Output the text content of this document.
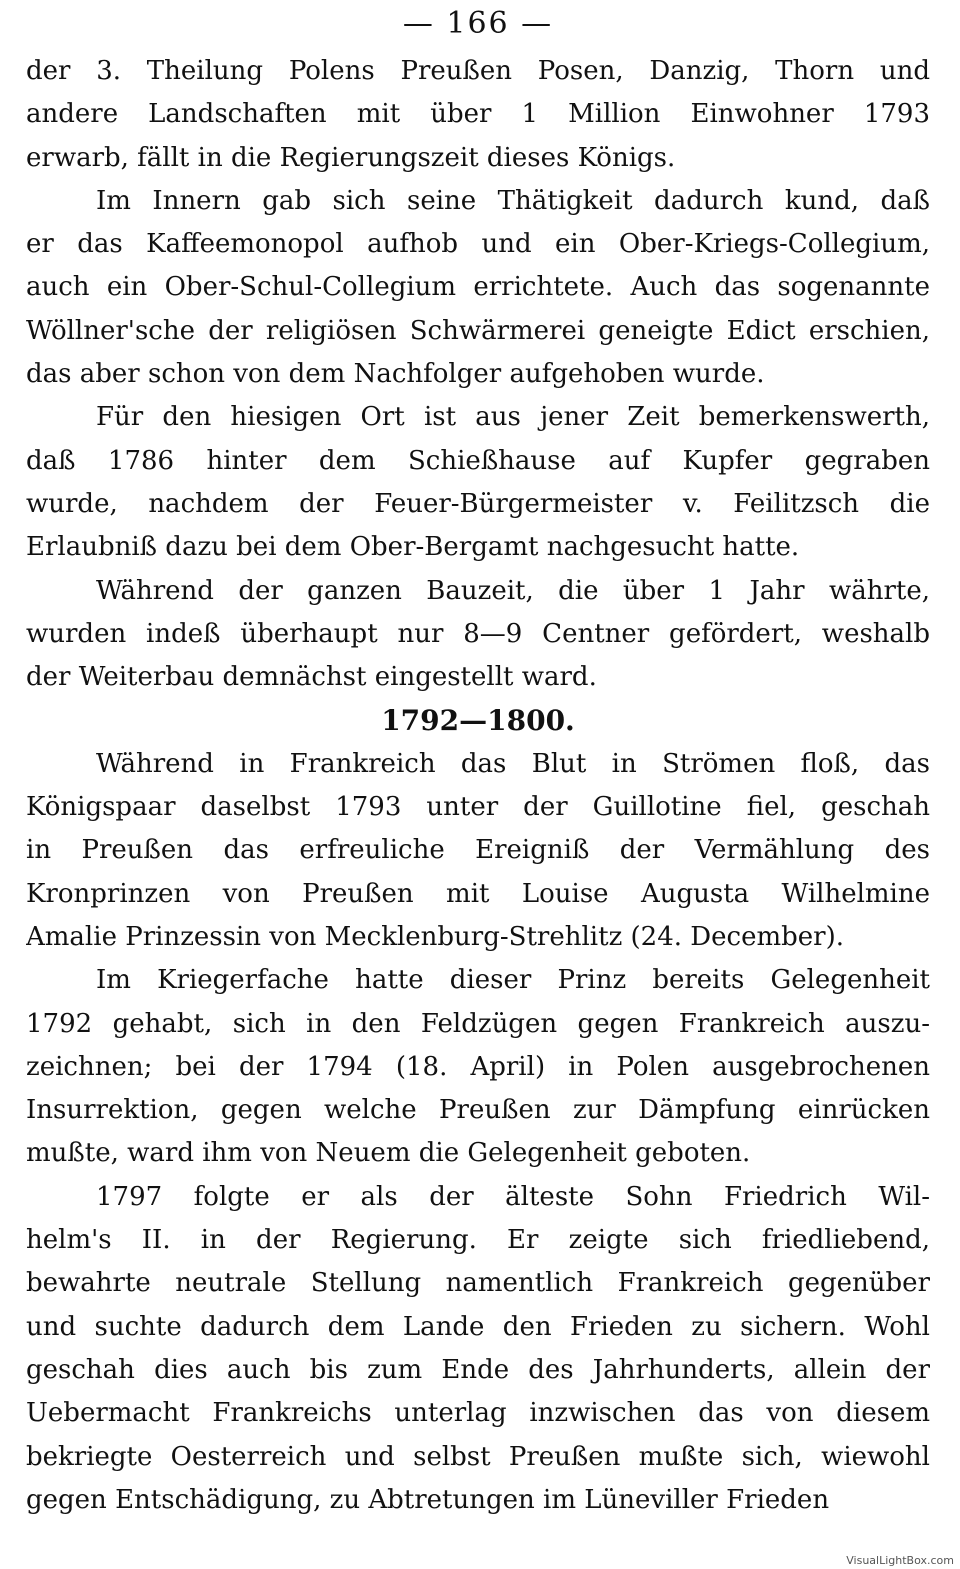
— 166 —
der 3. Theilung Polens Preußen Posen, Danzig, Thorn und
andere Landschaften mit über 1 Million Einwohner 1793
erwarb, fällt in die Regierungszeit dieses Königs.
Im Innern gab sich seine Thätigkeit dadurch kund, daß
er das Kaffeemonopol aufhob und ein Ober-Kriegs-Collegium,
auch ein Ober-Schul-Collegium errichtete. Auch das sogenannte
Wöllner'sche der religiösen Schwärmerei geneigte Edict erschien,
das aber schon von dem Nachfolger aufgehoben wurde.
Für den hiesigen Ort ist aus jener Zeit bemerkenswerth,
daß 1786 hinter dem Schießhause auf Kupfer gegraben
wurde, nachdem der Feuer-Bürgermeister v. Feilitzsch die
Erlaubniß dazu bei dem Ober-Bergamt nachgesucht hatte.
Während der ganzen Bauzeit, die über 1 Jahr währte,
wurden indeß überhaupt nur 8—9 Centner gefördert, weshalb
der Weiterbau demnächst eingestellt ward.
1792—1800.
Während in Frankreich das Blut in Strömen floß, das
Königspaar daselbst 1793 unter der Guillotine fiel, geschah
in Preußen das erfreuliche Ereigniß der Vermählung des
Kronprinzen von Preußen mit Louise Augusta Wilhelmine
Amalie Prinzessin von Mecklenburg-Strehlitz (24. December).
Im Kriegerfache hatte dieser Prinz bereits Gelegenheit
1792 gehabt, sich in den Feldzügen gegen Frankreich auszu-
zeichnen; bei der 1794 (18. April) in Polen ausgebrochenen
Insurrektion, gegen welche Preußen zur Dämpfung einrücken
mußte, ward ihm von Neuem die Gelegenheit geboten.
1797 folgte er als der älteste Sohn Friedrich Wil-
helm's II. in der Regierung. Er zeigte sich friedliebend,
bewahrte neutrale Stellung namentlich Frankreich gegenüber
und suchte dadurch dem Lande den Frieden zu sichern. Wohl
geschah dies auch bis zum Ende des Jahrhunderts, allein der
Uebermacht Frankreichs unterlag inzwischen das von diesem
bekriegte Oesterreich und selbst Preußen mußte sich, wiewohl
gegen Entschädigung, zu Abtretungen im Lüneviller Frieden
VisualLightBox.com
